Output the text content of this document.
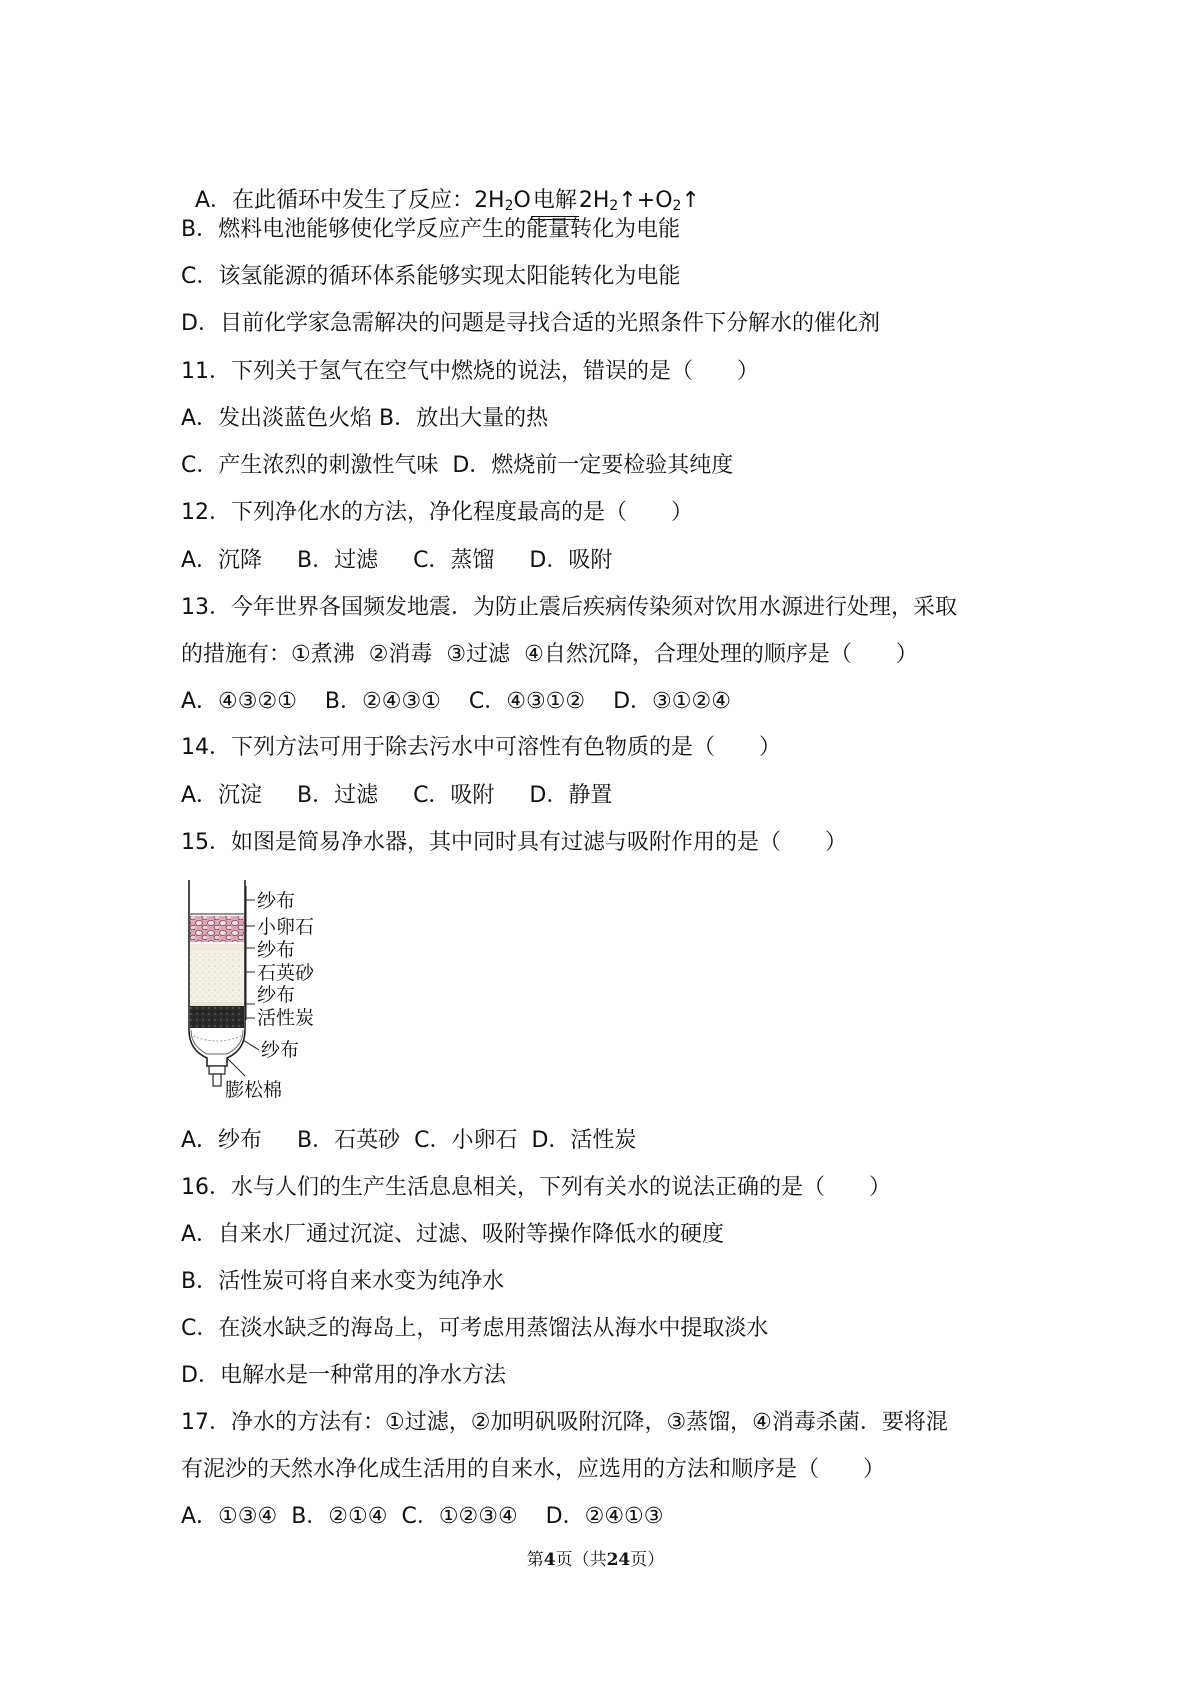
A．在此循环中发生了反应：$2H_2O$电解$2H_2↑+O_2↑$

B．燃料电池能够使化学反应产生的能量转化为电能
C．该氢能源的循环体系能够实现太阳能转化为电能
D．目前化学家急需解决的问题是寻找合适的光照条件下分解水的催化剂
11．下列关于氢气在空气中燃烧的说法，错误的是（　　）
A．发出淡蓝色火焰 B．放出大量的热
C．产生浓烈的刺激性气味  D．燃烧前一定要检验其纯度
12．下列净化水的方法，净化程度最高的是（　　）
A．沉降     B．过滤     C．蒸馏     D．吸附
13．今年世界各国频发地震．为防止震后疾病传染须对饮用水源进行处理，采取
的措施有：①煮沸  ②消毒  ③过滤  ④自然沉降，合理处理的顺序是（　　）
A．④③②①    B．②④③①    C．④③①②    D．③①②④
14．下列方法可用于除去污水中可溶性有色物质的是（　　）
A．沉淀     B．过滤     C．吸附     D．静置
15．如图是简易净水器，其中同时具有过滤与吸附作用的是（　　）
纱布
小卵石
纱布
石英砂
纱布
活性炭
纱布
膨松棉
A．纱布     B．石英砂  C．小卵石  D．活性炭
16．水与人们的生产生活息息相关，下列有关水的说法正确的是（　　）
A．自来水厂通过沉淀、过滤、吸附等操作降低水的硬度
B．活性炭可将自来水变为纯净水
C．在淡水缺乏的海岛上，可考虑用蒸馏法从海水中提取淡水
D．电解水是一种常用的净水方法
17．净水的方法有：①过滤，②加明矾吸附沉降，③蒸馏，④消毒杀菌．要将混
有泥沙的天然水净化成生活用的自来水，应选用的方法和顺序是（　　）
A．①③④  B．②①④  C．①②③④    D．②④①③
第4页（共24页）
